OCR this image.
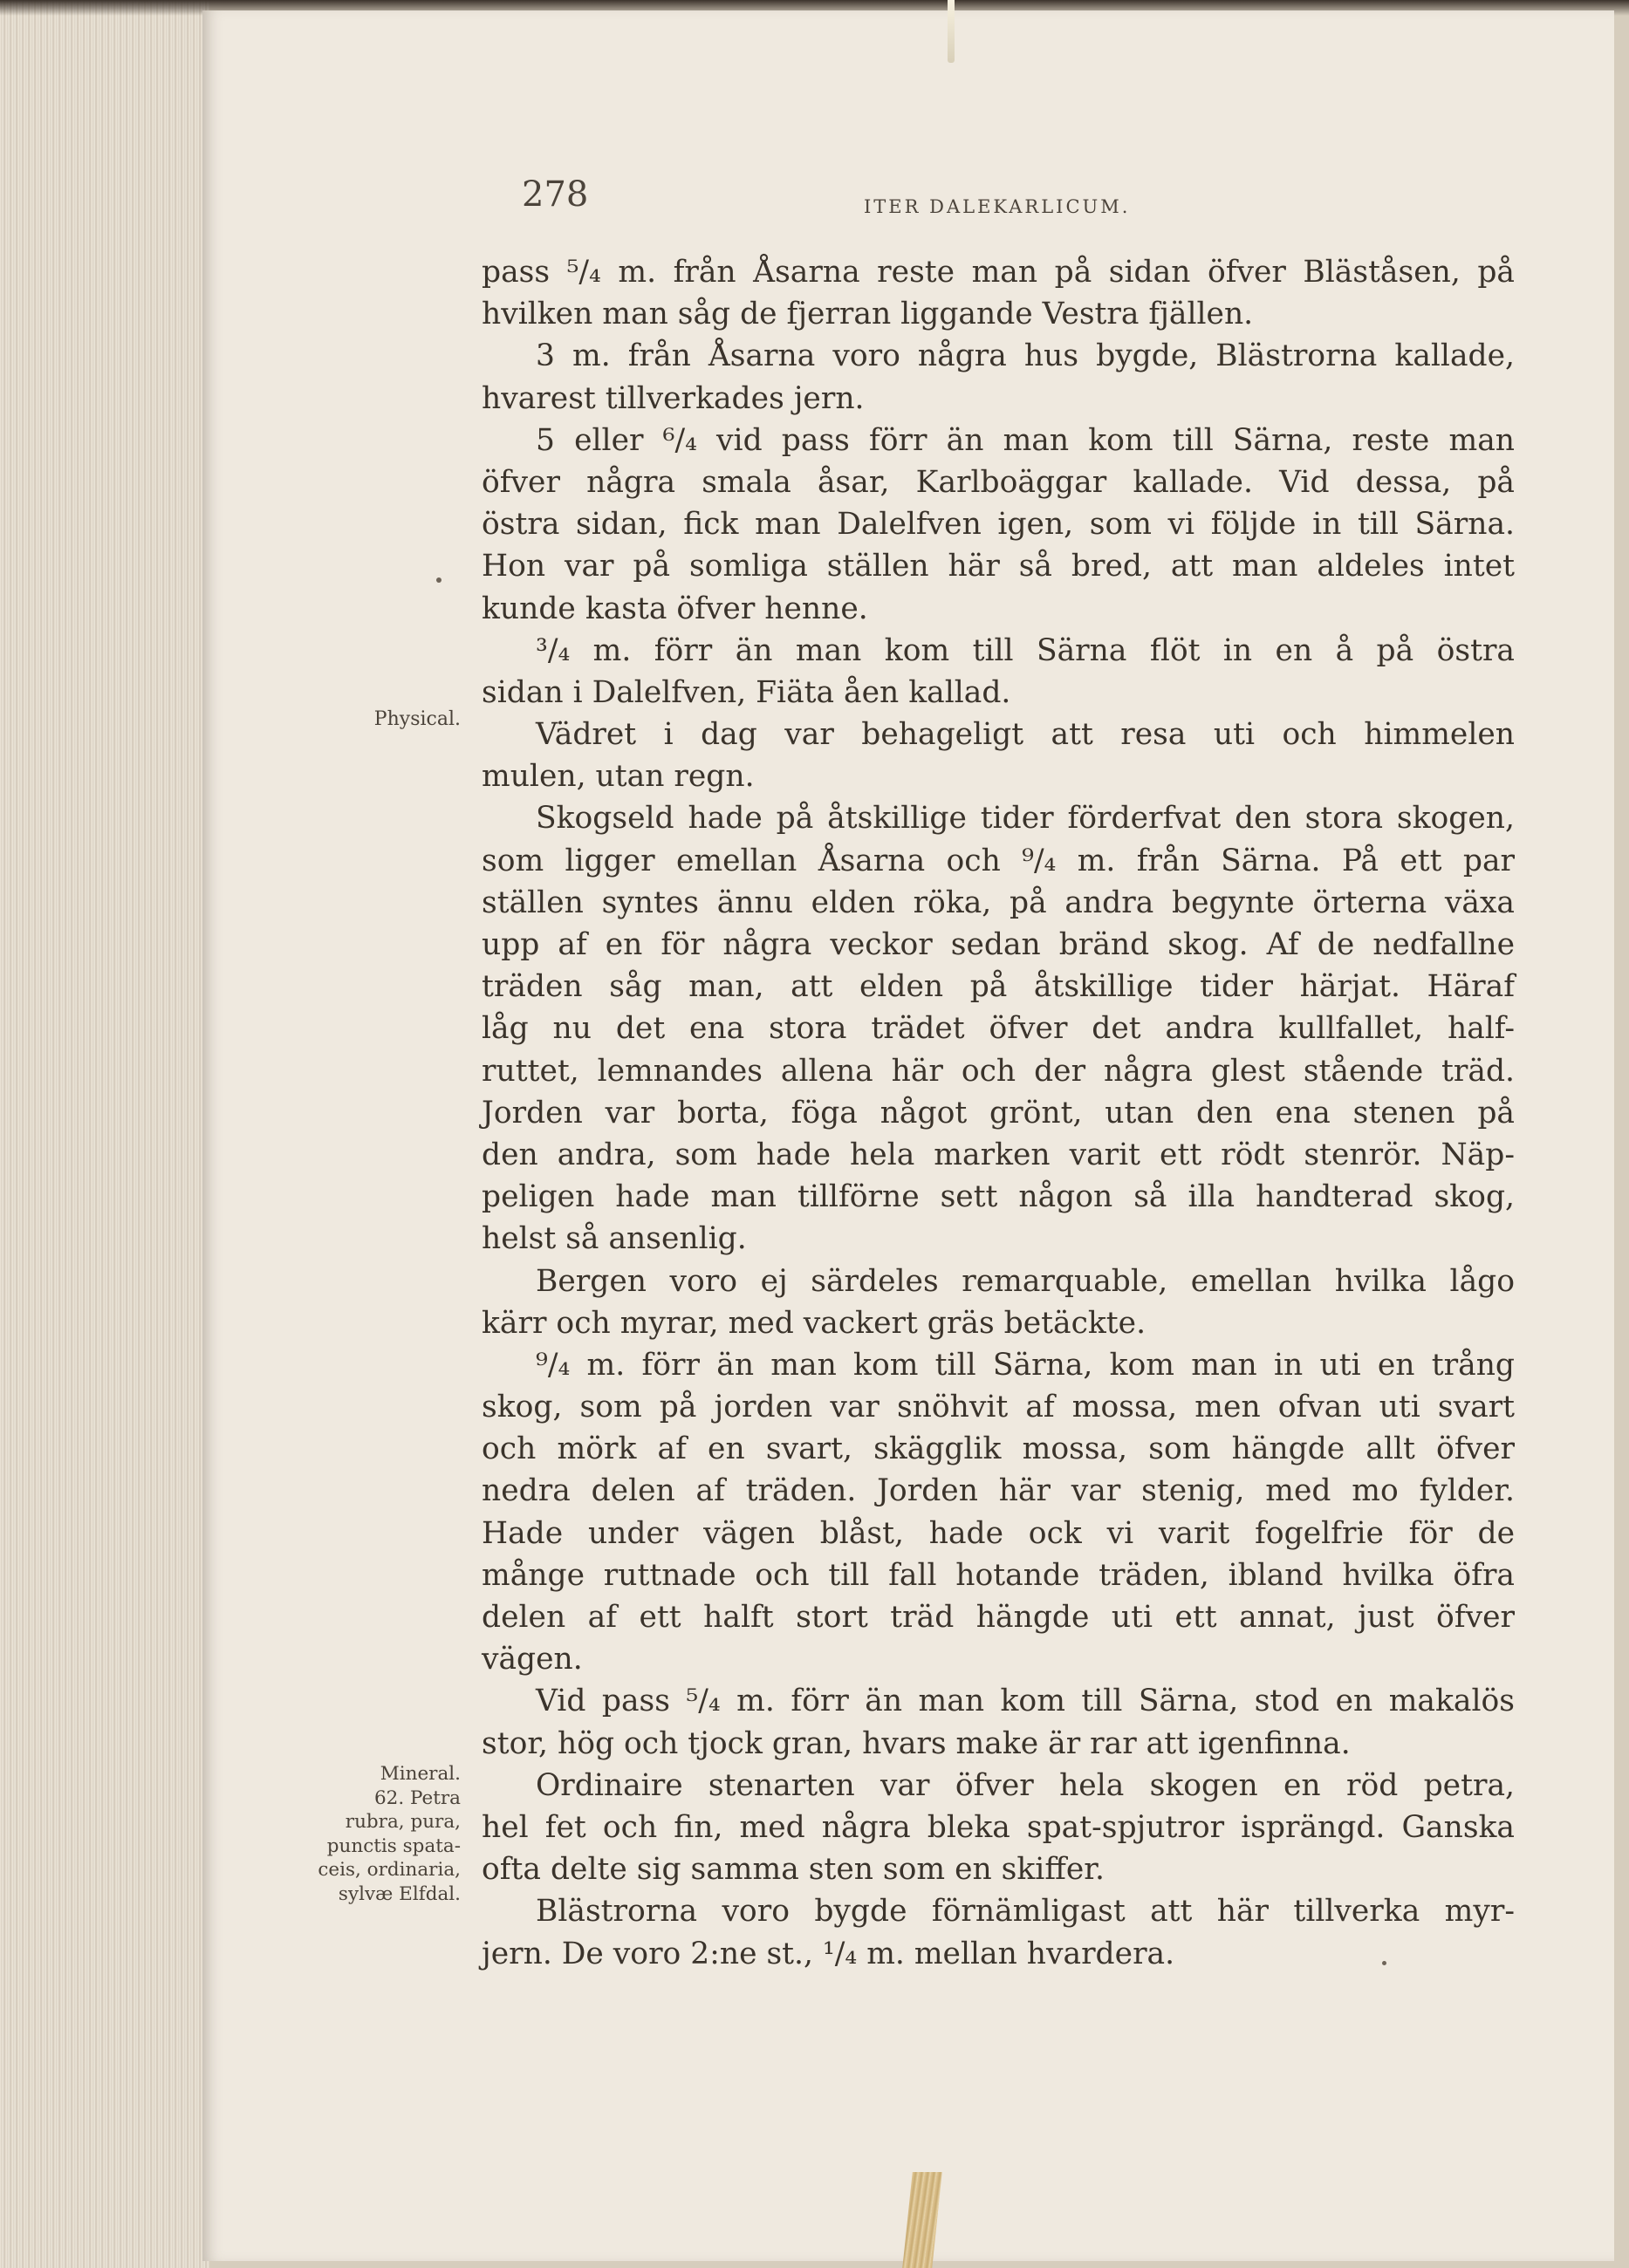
278	ITER DALEKARLICUM.
Physical.
Mineral.
62. Petra
rubra, pura,
punctis spata-
ceis, ordinaria,
sylvæ Elfdal.
pass ⁵/₄ m. från Åsarna reste man på sidan öfver Bläståsen, på
hvilken man såg de fjerran liggande Vestra fjällen.
3 m. från Åsarna voro några hus bygde, Blästrorna kallade,
hvarest tillverkades jern.
5 eller ⁶/₄ vid pass förr än man kom till Särna, reste man
öfver några smala åsar, Karlboäggar kallade. Vid dessa, på
östra sidan, fick man Dalelfven igen, som vi följde in till Särna.
Hon var på somliga ställen här så bred, att man aldeles intet
kunde kasta öfver henne.
³/₄ m. förr än man kom till Särna flöt in en å på östra
sidan i Dalelfven, Fiäta åen kallad.
Vädret i dag var behageligt att resa uti och himmelen
mulen, utan regn.
Skogseld hade på åtskillige tider förderfvat den stora skogen,
som ligger emellan Åsarna och ⁹/₄ m. från Särna. På ett par
ställen syntes ännu elden röka, på andra begynte örterna växa
upp af en för några veckor sedan bränd skog. Af de nedfallne
träden såg man, att elden på åtskillige tider härjat. Häraf
låg nu det ena stora trädet öfver det andra kullfallet, half-
ruttet, lemnandes allena här och der några glest stående träd.
Jorden var borta, föga något grönt, utan den ena stenen på
den andra, som hade hela marken varit ett rödt stenrör. Näp-
peligen hade man tillförne sett någon så illa handterad skog,
helst så ansenlig.
Bergen voro ej särdeles remarquable, emellan hvilka lågo
kärr och myrar, med vackert gräs betäckte.
⁹/₄ m. förr än man kom till Särna, kom man in uti en trång
skog, som på jorden var snöhvit af mossa, men ofvan uti svart
och mörk af en svart, skägglik mossa, som hängde allt öfver
nedra delen af träden. Jorden här var stenig, med mo fylder.
Hade under vägen blåst, hade ock vi varit fogelfrie för de
månge ruttnade och till fall hotande träden, ibland hvilka öfra
delen af ett halft stort träd hängde uti ett annat, just öfver
vägen.
Vid pass ⁵/₄ m. förr än man kom till Särna, stod en makalös
stor, hög och tjock gran, hvars make är rar att igenfinna.
Ordinaire stenarten var öfver hela skogen en röd petra,
hel fet och fin, med några bleka spat-spjutror isprängd. Ganska
ofta delte sig samma sten som en skiffer.
Blästrorna voro bygde förnämligast att här tillverka myr-
jern. De voro 2:ne st., ¹/₄ m. mellan hvardera.
